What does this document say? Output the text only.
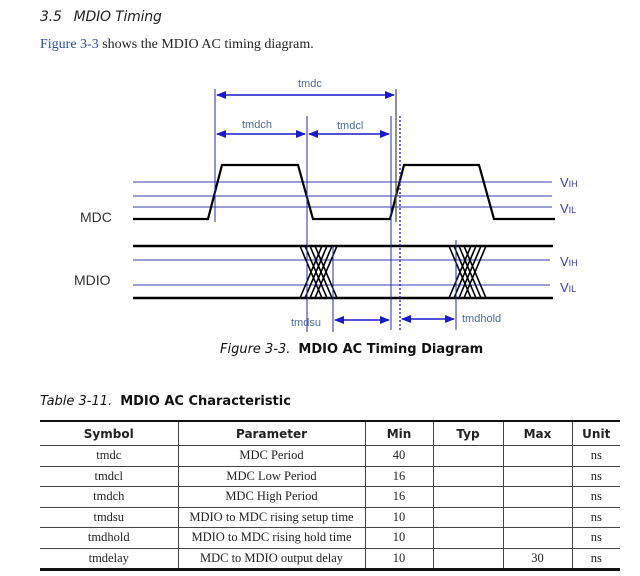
3.5 MDIO Timing
Figure 3-3 shows the MDIO AC timing diagram.
tmdc
tmdch	tmdcl
tmdsu	tmdhold
MDC
MDIO
VIH
VIL
VIH
VIL
Figure 3-3. MDIO AC Timing Diagram
Table 3-11. MDIO AC Characteristic
Symbol	Parameter	Min	Typ	Max	Unit
tmdc	MDC Period	40			ns
tmdcl	MDC Low Period	16			ns
tmdch	MDC High Period	16			ns
tmdsu	MDIO to MDC rising setup time	10			ns
tmdhold	MDIO to MDC rising hold time	10			ns
tmdelay	MDC to MDIO output delay	10		30	ns
